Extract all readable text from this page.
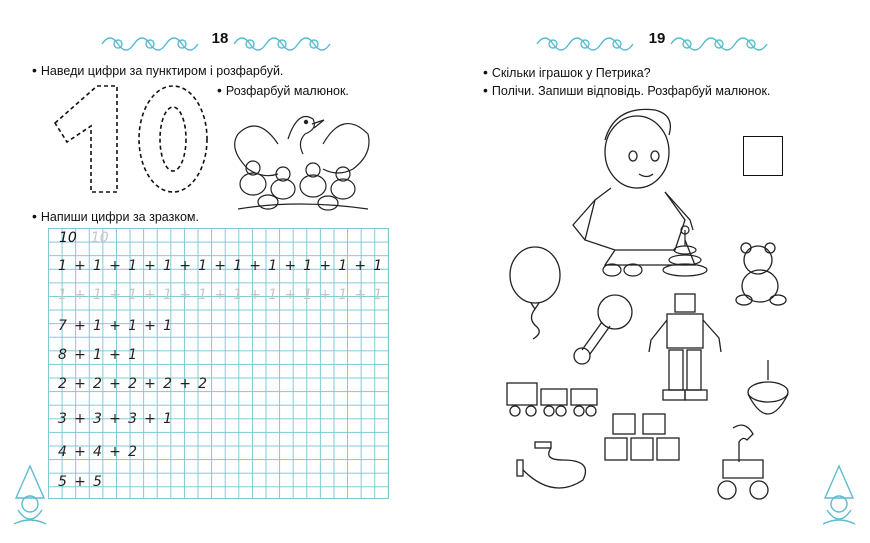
18
• Наведи цифри за пунктиром і розфарбуй.
• Розфарбуй малюнок.
• Напиши цифри за зразком.
10 10
1+1+1+1+1+1+1+1+1+1
1+1+1+1+1+1+1+1+1+1
7+1+1+1
8+1+1
2+2+2+2+2
3+3+3+1
4+4+2
5+5
19
• Скільки іграшок у Петрика?
• Полічи. Запиши відповідь. Розфарбуй малюнок.
